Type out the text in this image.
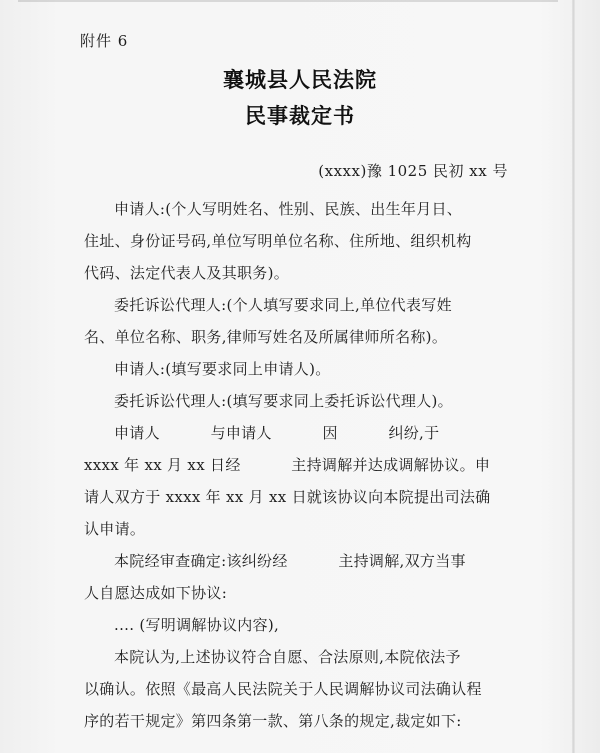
附件 6
襄城县人民法院
民事裁定书
(xxxx)豫 1025 民初 xx 号
申请人:(个人写明姓名、性别、民族、出生年月日、
住址、身份证号码,单位写明单位名称、住所地、组织机构
代码、法定代表人及其职务)。
委托诉讼代理人:(个人填写要求同上,单位代表写姓
名、单位名称、职务,律师写姓名及所属律师所名称)。
申请人:(填写要求同上申请人)。
委托诉讼代理人:(填写要求同上委托诉讼代理人)。
申请人          与申请人          因          纠纷,于
xxxx 年 xx 月 xx 日经          主持调解并达成调解协议。申
请人双方于 xxxx 年 xx 月 xx 日就该协议向本院提出司法确
认申请。
本院经审查确定:该纠纷经          主持调解,双方当事
人自愿达成如下协议:
.... (写明调解协议内容),
本院认为,上述协议符合自愿、合法原则,本院依法予
以确认。依照《最高人民法院关于人民调解协议司法确认程
序的若干规定》第四条第一款、第八条的规定,裁定如下:
